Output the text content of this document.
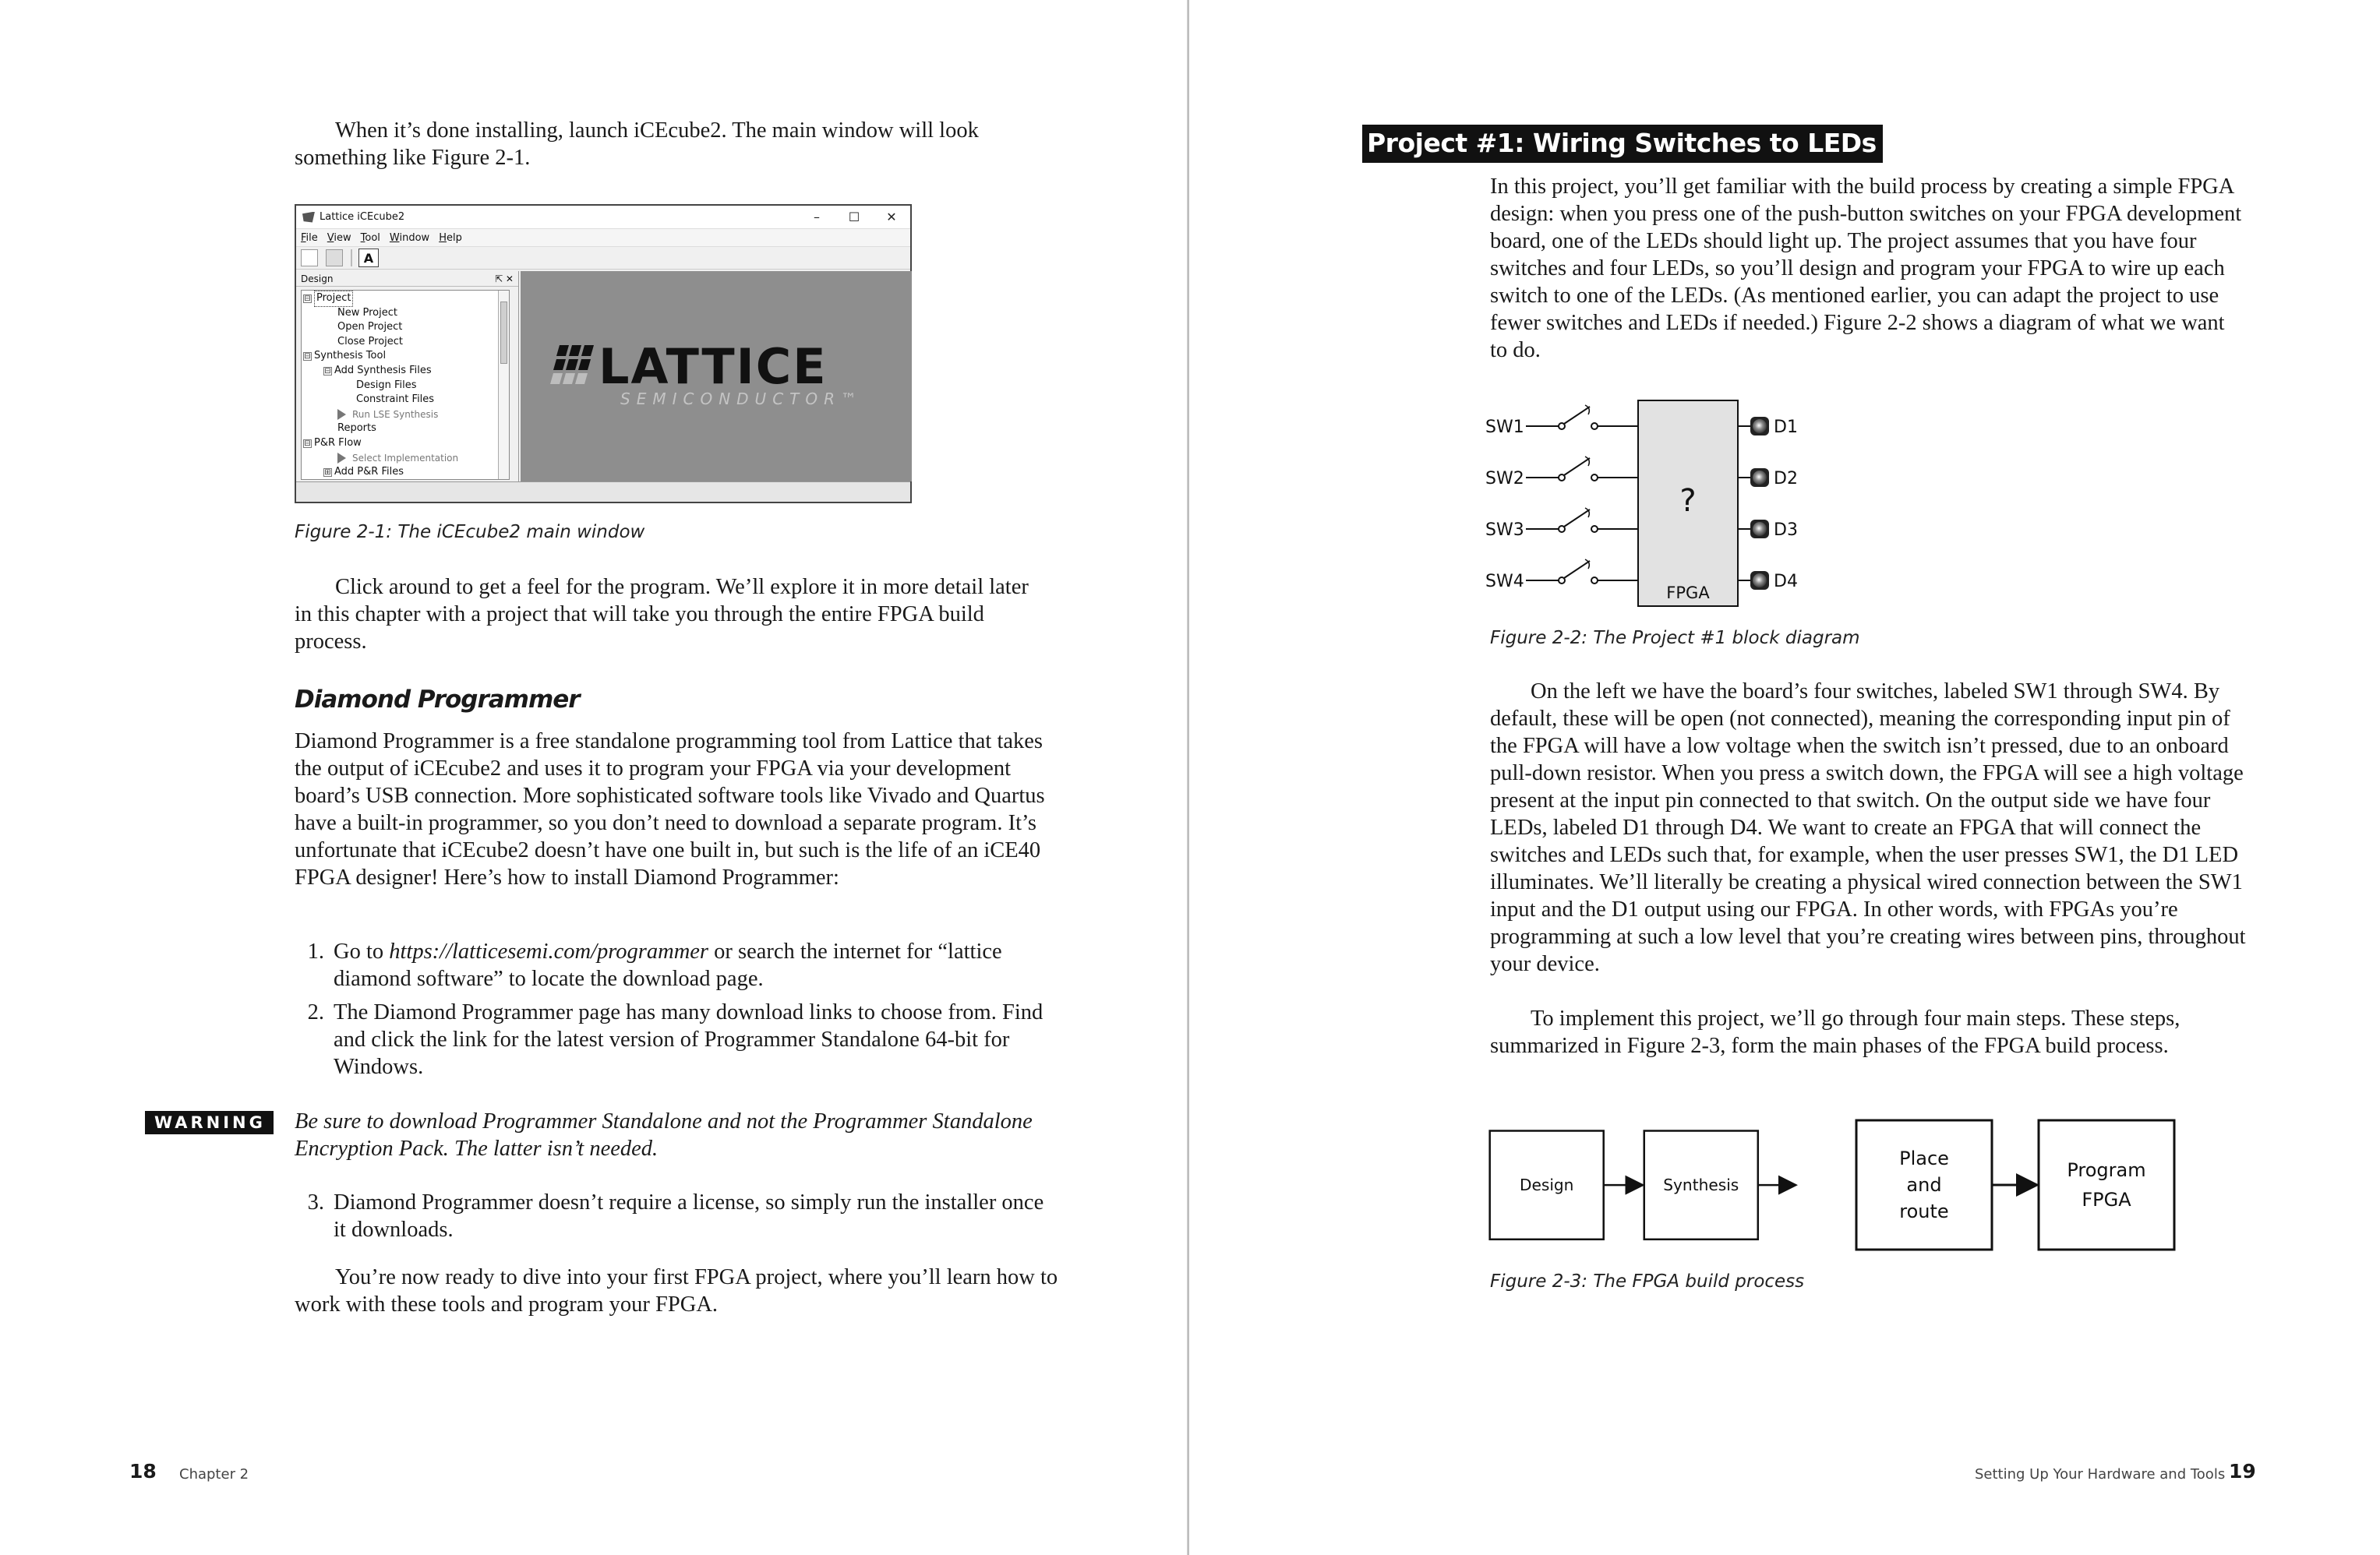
When it’s done installing, launch iCEcube2. The main window will look something like Figure 2-1.

Lattice iCEcube2	–	☐	✕
File View Tool Window Help
A
Design	⇱ ✕
⊟ Project
New Project
Open Project
Close Project
⊟ Synthesis Tool
⊟ Add Synthesis Files
Design Files
Constraint Files
Run LSE Synthesis
Reports
⊟ P&R Flow
Select Implementation
⊞ Add P&R Files
LATTICE
SEMICONDUCTOR™

Figure 2-1: The iCEcube2 main window

Click around to get a feel for the program. We’ll explore it in more detail later in this chapter with a project that will take you through the entire FPGA build process.

Diamond Programmer

Diamond Programmer is a free standalone programming tool from Lattice that takes the output of iCEcube2 and uses it to program your FPGA via your development board’s USB connection. More sophisticated software tools like Vivado and Quartus have a built-in programmer, so you don’t need to download a separate program. It’s unfortunate that iCEcube2 doesn’t have one built in, but such is the life of an iCE40 FPGA designer! Here’s how to install Diamond Programmer:

1. Go to https://latticesemi.com/programmer or search the internet for “lattice diamond software” to locate the download page.
2. The Diamond Programmer page has many download links to choose from. Find and click the link for the latest version of Programmer Standalone 64-bit for Windows.
WARNING	Be sure to download Programmer Standalone and not the Programmer Standalone Encryption Pack. The latter isn’t needed.

3. Diamond Programmer doesn’t require a license, so simply run the installer once it downloads.

You’re now ready to dive into your first FPGA project, where you’ll learn how to work with these tools and program your FPGA.

18 Chapter 2
Project #1: Wiring Switches to LEDs

In this project, you’ll get familiar with the build process by creating a simple FPGA design: when you press one of the push-button switches on your FPGA development board, one of the LEDs should light up. The project assumes that you have four switches and four LEDs, so you’ll design and program your FPGA to wire up each switch to one of the LEDs. (As mentioned earlier, you can adapt the project to use fewer switches and LEDs if needed.) Figure 2-2 shows a diagram of what we want to do.

?
FPGA
SW1
SW2
SW3
SW4
D1
D2
D3
D4

Figure 2-2: The Project #1 block diagram

On the left we have the board’s four switches, labeled SW1 through SW4. By default, these will be open (not connected), meaning the corresponding input pin of the FPGA will have a low voltage when the switch isn’t pressed, due to an onboard pull-down resistor. When you press a switch down, the FPGA will see a high voltage present at the input pin connected to that switch. On the output side we have four LEDs, labeled D1 through D4. We want to create an FPGA that will connect the switches and LEDs such that, for example, when the user presses SW1, the D1 LED illuminates. We’ll literally be creating a physical wired connection between the SW1 input and the D1 output using our FPGA. In other words, with FPGAs you’re programming at such a low level that you’re creating wires between pins, throughout your device.

To implement this project, we’ll go through four main steps. These steps, summarized in Figure 2-3, form the main phases of the FPGA build process.

Design	Synthesis
Place
and
route
Program
FPGA

Figure 2-3: The FPGA build process

Setting Up Your Hardware and Tools 19
